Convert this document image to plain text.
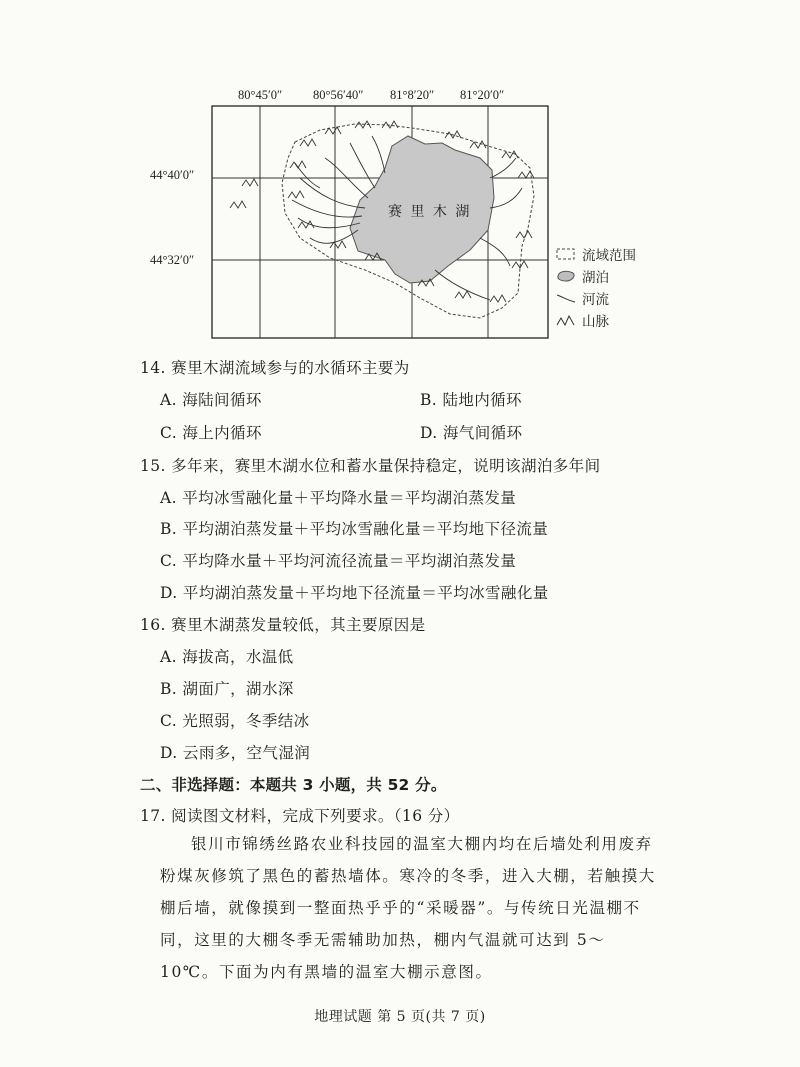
80°45′0″ 80°56′40″ 81°8′20″ 81°20′0″
44°40′0″
44°32′0″
赛 里 木 湖
流域范围
湖泊
河流
山脉
14. 赛里木湖流域参与的水循环主要为
A. 海陆间循环	B. 陆地内循环
C. 海上内循环	D. 海气间循环
15. 多年来，赛里木湖水位和蓄水量保持稳定，说明该湖泊多年间
A. 平均冰雪融化量＋平均降水量＝平均湖泊蒸发量
B. 平均湖泊蒸发量＋平均冰雪融化量＝平均地下径流量
C. 平均降水量＋平均河流径流量＝平均湖泊蒸发量
D. 平均湖泊蒸发量＋平均地下径流量＝平均冰雪融化量
16. 赛里木湖蒸发量较低，其主要原因是
A. 海拔高，水温低
B. 湖面广，湖水深
C. 光照弱，冬季结冰
D. 云雨多，空气湿润
二、非选择题：本题共 3 小题，共 52 分。
17. 阅读图文材料，完成下列要求。（16 分）
银川市锦绣丝路农业科技园的温室大棚内均在后墙处利用废弃粉煤灰修筑了黑色的蓄热墙体。寒冷的冬季，进入大棚，若触摸大棚后墙，就像摸到一整面热乎乎的“采暖器”。与传统日光温棚不同，这里的大棚冬季无需辅助加热，棚内气温就可达到 5～10℃。下面为内有黑墙的温室大棚示意图。
地理试题 第 5 页(共 7 页)
